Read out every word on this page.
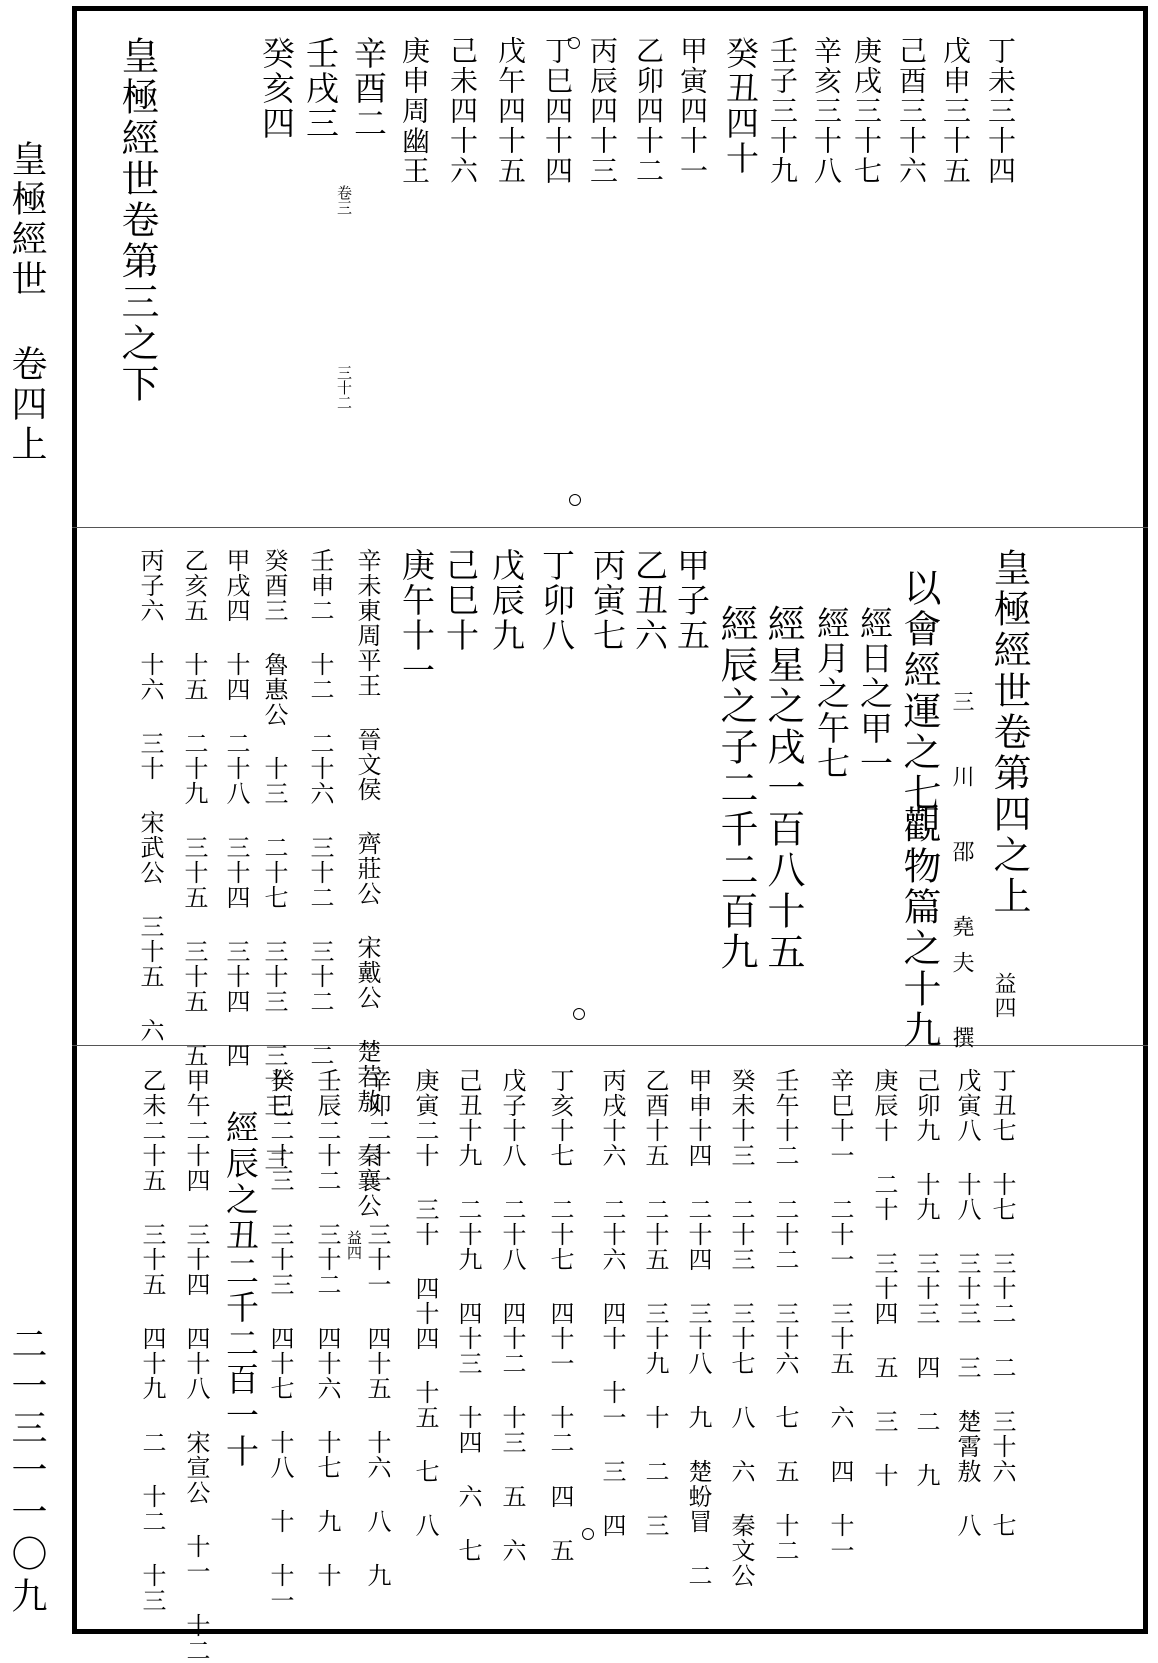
皇極經世 卷四上
二一三一一〇九
皇極經世卷第三之下	卷三
三十二
皇極經世卷第四之上
益四
三 川 邵 堯夫 撰
以會經運之七
觀物篇之十九
經日之甲一
經月之午七
經星之戌一百八十五
經辰之子二千二百九
甲子五
乙丑六
丙寅七
丁卯八
戊辰九
己巳十
庚午十一
辛未東周平王 晉文侯 齊莊公 宋戴公 楚若敖 秦襄公
壬申二 十二 二十六 三十二 三十二 二
癸酉三 魯惠公 十三 二十七 三十三 三十三 三
甲戌四 十四 二十八 三十四 三十四 四
乙亥五 十五 二十九 三十五 三十五 五
丙子六 十六 三十 宋武公 三十五 六
丁丑七 十七 三十二 二 三十六 七
戊寅八 十八 三十三 三 楚霄敖 八
己卯九 十九 三十三 四 二 九
庚辰十 二十 三十四 五 三 十
辛巳十一 二十一 三十五 六 四 十一
壬午十二 二十二 三十六 七 五 十二
癸未十三 二十三 三十七 八 六 秦文公
甲申十四 二十四 三十八 九 楚蚡冒 二
乙酉十五 二十五 三十九 十 二 三
丙戌十六 二十六 四十 十一 三 四
丁亥十七 二十七 四十一 十二 四 五
戊子十八 二十八 四十二 十三 五 六
己丑十九 二十九 四十三 十四 六 七
庚寅二十 三十 四十四 十五 七 八
辛卯二十一 三十一 四十五 十六 八 九
壬辰二十二 三十二 四十六 十七 九 十
癸巳二十三 三十三 四十七 十八 十 十一
經辰之丑二千二百一十
甲午二十四 三十四 四十八 宋宣公 十一 十二
乙未二十五 三十五 四十九 二 十二 十三	益四
丁未三十四
戊申三十五
己酉三十六
庚戌三十七
辛亥三十八
壬子三十九
癸丑四十
甲寅四十一
乙卯四十二
丙辰四十三
丁巳四十四
戊午四十五
己未四十六
庚申周幽王
辛酉二
壬戌三
癸亥四
